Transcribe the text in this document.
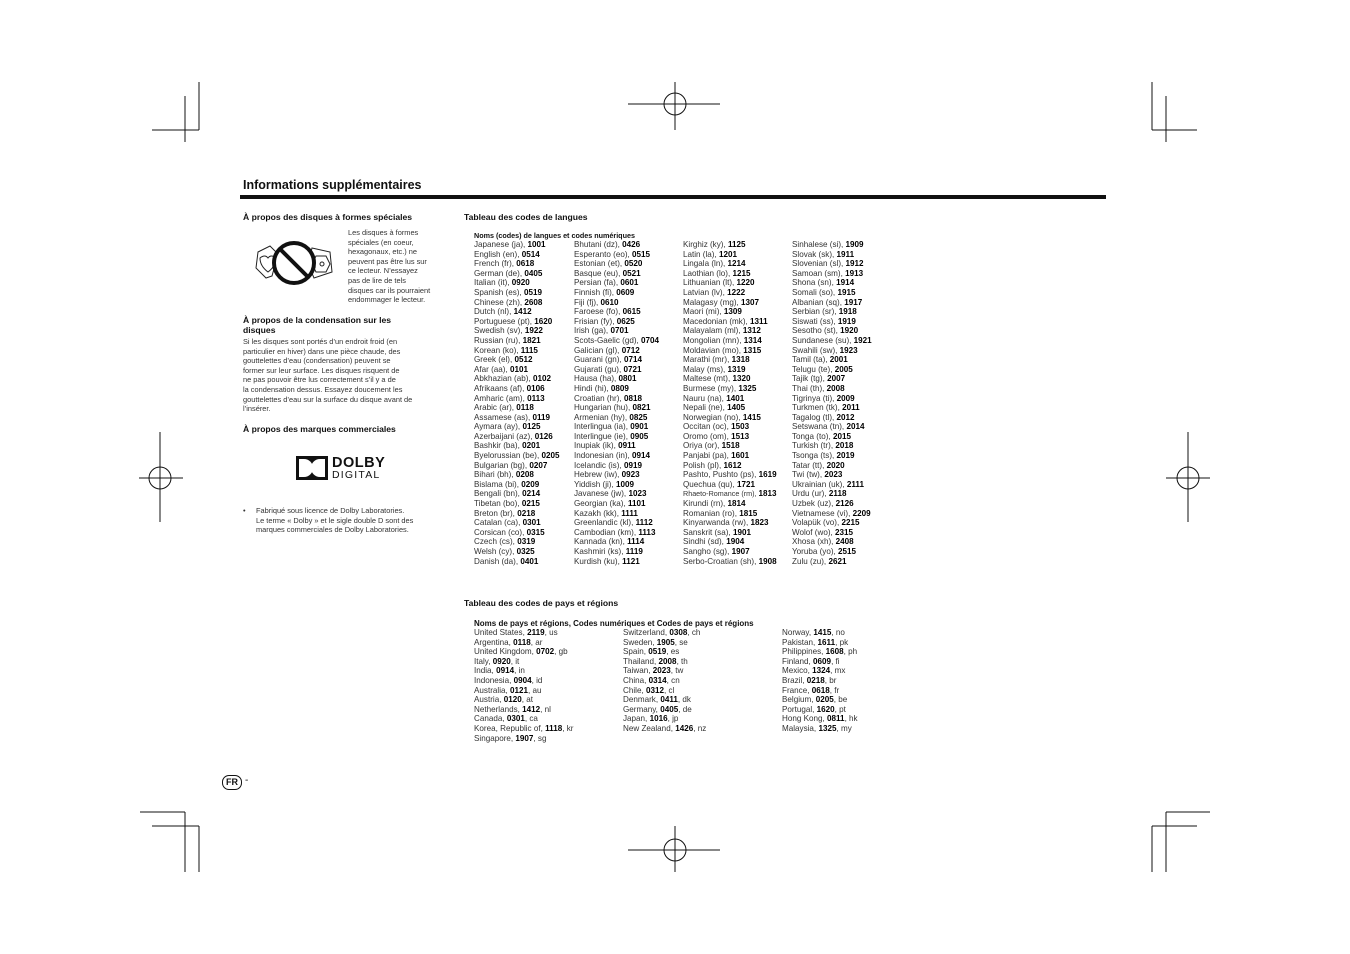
Informations supplémentaires
À propos des disques à formes spéciales
Les disques à formes
spéciales (en coeur,
hexagonaux, etc.) ne
peuvent pas être lus sur
ce lecteur. N’essayez
pas de lire de tels
disques car ils pourraient
endommager le lecteur.
À propos de la condensation sur les
disques
Si les disques sont portés d’un endroit froid (en
particulier en hiver) dans une pièce chaude, des
gouttelettes d’eau (condensation) peuvent se
former sur leur surface. Les disques risquent de
ne pas pouvoir être lus correctement s’il y a de
la condensation dessus. Essayez doucement les
gouttelettes d’eau sur la surface du disque avant de
l’insérer.
À propos des marques commerciales
DOLBY
DIGITAL
• Fabriqué sous licence de Dolby Laboratories.
Le terme « Dolby » et le sigle double D sont des
marques commerciales de Dolby Laboratories.
Tableau des codes de langues
Noms (codes) de langues et codes numériques
Japanese (ja), 1001
English (en), 0514
French (fr), 0618
German (de), 0405
Italian (it), 0920
Spanish (es), 0519
Chinese (zh), 2608
Dutch (nl), 1412
Portuguese (pt), 1620
Swedish (sv), 1922
Russian (ru), 1821
Korean (ko), 1115
Greek (el), 0512
Afar (aa), 0101
Abkhazian (ab), 0102
Afrikaans (af), 0106
Amharic (am), 0113
Arabic (ar), 0118
Assamese (as), 0119
Aymara (ay), 0125
Azerbaijani (az), 0126
Bashkir (ba), 0201
Byelorussian (be), 0205
Bulgarian (bg), 0207
Bihari (bh), 0208
Bislama (bi), 0209
Bengali (bn), 0214
Tibetan (bo), 0215
Breton (br), 0218
Catalan (ca), 0301
Corsican (co), 0315
Czech (cs), 0319
Welsh (cy), 0325
Danish (da), 0401
Bhutani (dz), 0426
Esperanto (eo), 0515
Estonian (et), 0520
Basque (eu), 0521
Persian (fa), 0601
Finnish (fi), 0609
Fiji (fj), 0610
Faroese (fo), 0615
Frisian (fy), 0625
Irish (ga), 0701
Scots-Gaelic (gd), 0704
Galician (gl), 0712
Guarani (gn), 0714
Gujarati (gu), 0721
Hausa (ha), 0801
Hindi (hi), 0809
Croatian (hr), 0818
Hungarian (hu), 0821
Armenian (hy), 0825
Interlingua (ia), 0901
Interlingue (ie), 0905
Inupiak (ik), 0911
Indonesian (in), 0914
Icelandic (is), 0919
Hebrew (iw), 0923
Yiddish (ji), 1009
Javanese (jw), 1023
Georgian (ka), 1101
Kazakh (kk), 1111
Greenlandic (kl), 1112
Cambodian (km), 1113
Kannada (kn), 1114
Kashmiri (ks), 1119
Kurdish (ku), 1121
Kirghiz (ky), 1125
Latin (la), 1201
Lingala (ln), 1214
Laothian (lo), 1215
Lithuanian (lt), 1220
Latvian (lv), 1222
Malagasy (mg), 1307
Maori (mi), 1309
Macedonian (mk), 1311
Malayalam (ml), 1312
Mongolian (mn), 1314
Moldavian (mo), 1315
Marathi (mr), 1318
Malay (ms), 1319
Maltese (mt), 1320
Burmese (my), 1325
Nauru (na), 1401
Nepali (ne), 1405
Norwegian (no), 1415
Occitan (oc), 1503
Oromo (om), 1513
Oriya (or), 1518
Panjabi (pa), 1601
Polish (pl), 1612
Pashto, Pushto (ps), 1619
Quechua (qu), 1721
Rhaeto-Romance (rm), 1813
Kirundi (rn), 1814
Romanian (ro), 1815
Kinyarwanda (rw), 1823
Sanskrit (sa), 1901
Sindhi (sd), 1904
Sangho (sg), 1907
Serbo-Croatian (sh), 1908
Sinhalese (si), 1909
Slovak (sk), 1911
Slovenian (sl), 1912
Samoan (sm), 1913
Shona (sn), 1914
Somali (so), 1915
Albanian (sq), 1917
Serbian (sr), 1918
Siswati (ss), 1919
Sesotho (st), 1920
Sundanese (su), 1921
Swahili (sw), 1923
Tamil (ta), 2001
Telugu (te), 2005
Tajik (tg), 2007
Thai (th), 2008
Tigrinya (ti), 2009
Turkmen (tk), 2011
Tagalog (tl), 2012
Setswana (tn), 2014
Tonga (to), 2015
Turkish (tr), 2018
Tsonga (ts), 2019
Tatar (tt), 2020
Twi (tw), 2023
Ukrainian (uk), 2111
Urdu (ur), 2118
Uzbek (uz), 2126
Vietnamese (vi), 2209
Volapük (vo), 2215
Wolof (wo), 2315
Xhosa (xh), 2408
Yoruba (yo), 2515
Zulu (zu), 2621
Tableau des codes de pays et régions
Noms de pays et régions, Codes numériques et Codes de pays et régions
United States, 2119, us
Argentina, 0118, ar
United Kingdom, 0702, gb
Italy, 0920, it
India, 0914, in
Indonesia, 0904, id
Australia, 0121, au
Austria, 0120, at
Netherlands, 1412, nl
Canada, 0301, ca
Korea, Republic of, 1118, kr
Singapore, 1907, sg
Switzerland, 0308, ch
Sweden, 1905, se
Spain, 0519, es
Thailand, 2008, th
Taiwan, 2023, tw
China, 0314, cn
Chile, 0312, cl
Denmark, 0411, dk
Germany, 0405, de
Japan, 1016, jp
New Zealand, 1426, nz
Norway, 1415, no
Pakistan, 1611, pk
Philippines, 1608, ph
Finland, 0609, fi
Mexico, 1324, mx
Brazil, 0218, br
France, 0618, fr
Belgium, 0205, be
Portugal, 1620, pt
Hong Kong, 0811, hk
Malaysia, 1325, my
FR -
